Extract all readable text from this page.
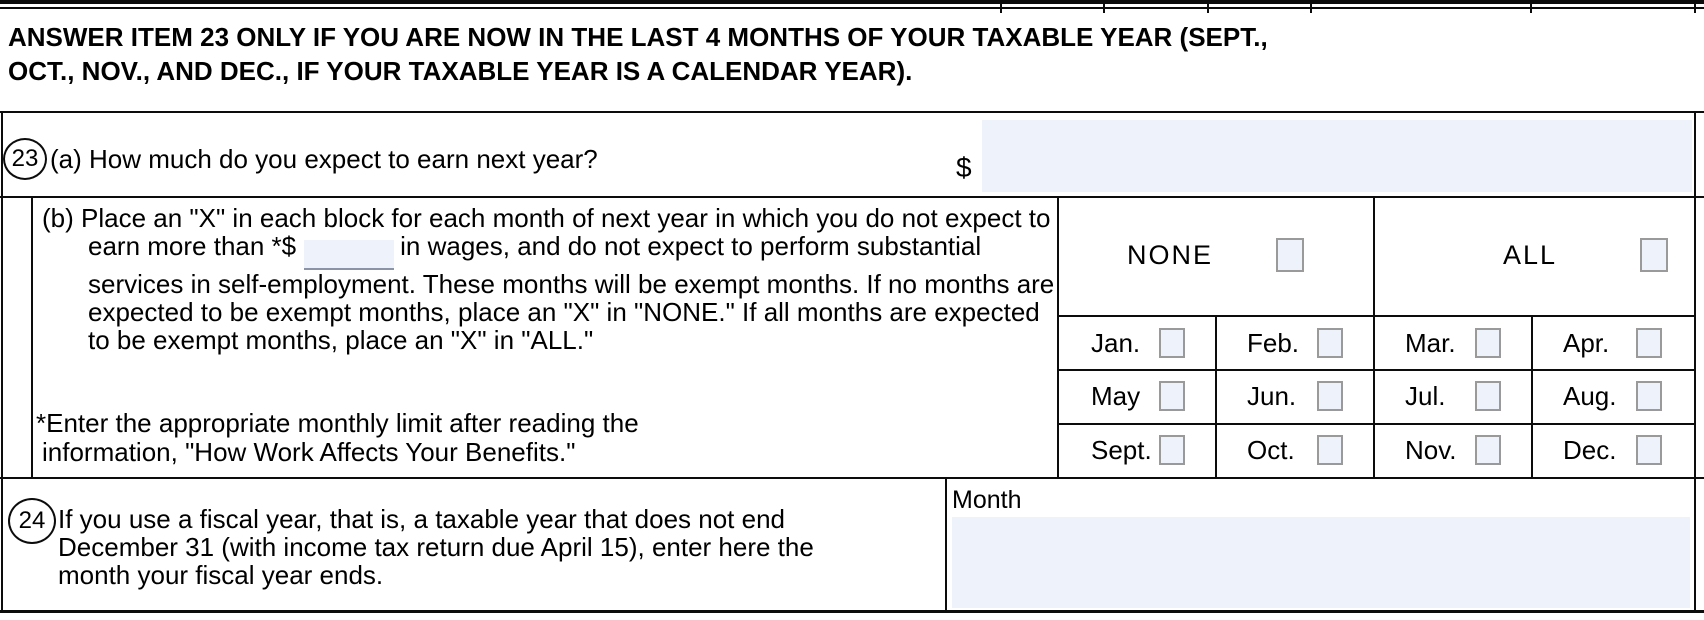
ANSWER ITEM 23 ONLY IF YOU ARE NOW IN THE LAST 4 MONTHS OF YOUR TAXABLE YEAR (SEPT.,
OCT., NOV., AND DEC., IF YOUR TAXABLE YEAR IS A CALENDAR YEAR).
23 (a) How much do you expect to earn next year?	$
(b) Place an "X" in each block for each month of next year in which you do not expect to earn more than *$	in wages, and do not expect to perform substantial services in self-employment. These months will be exempt months. If no months are expected to be exempt months, place an "X" in "NONE." If all months are expected to be exempt months, place an "X" in "ALL."
*Enter the appropriate monthly limit after reading the
information, "How Work Affects Your Benefits."
NONE	ALL
Jan.	Feb.	Mar.	Apr.
May	Jun.	Jul.	Aug.
Sept.	Oct.	Nov.	Dec.
24 If you use a fiscal year, that is, a taxable year that does not end
December 31 (with income tax return due April 15), enter here the
month your fiscal year ends.
Month
